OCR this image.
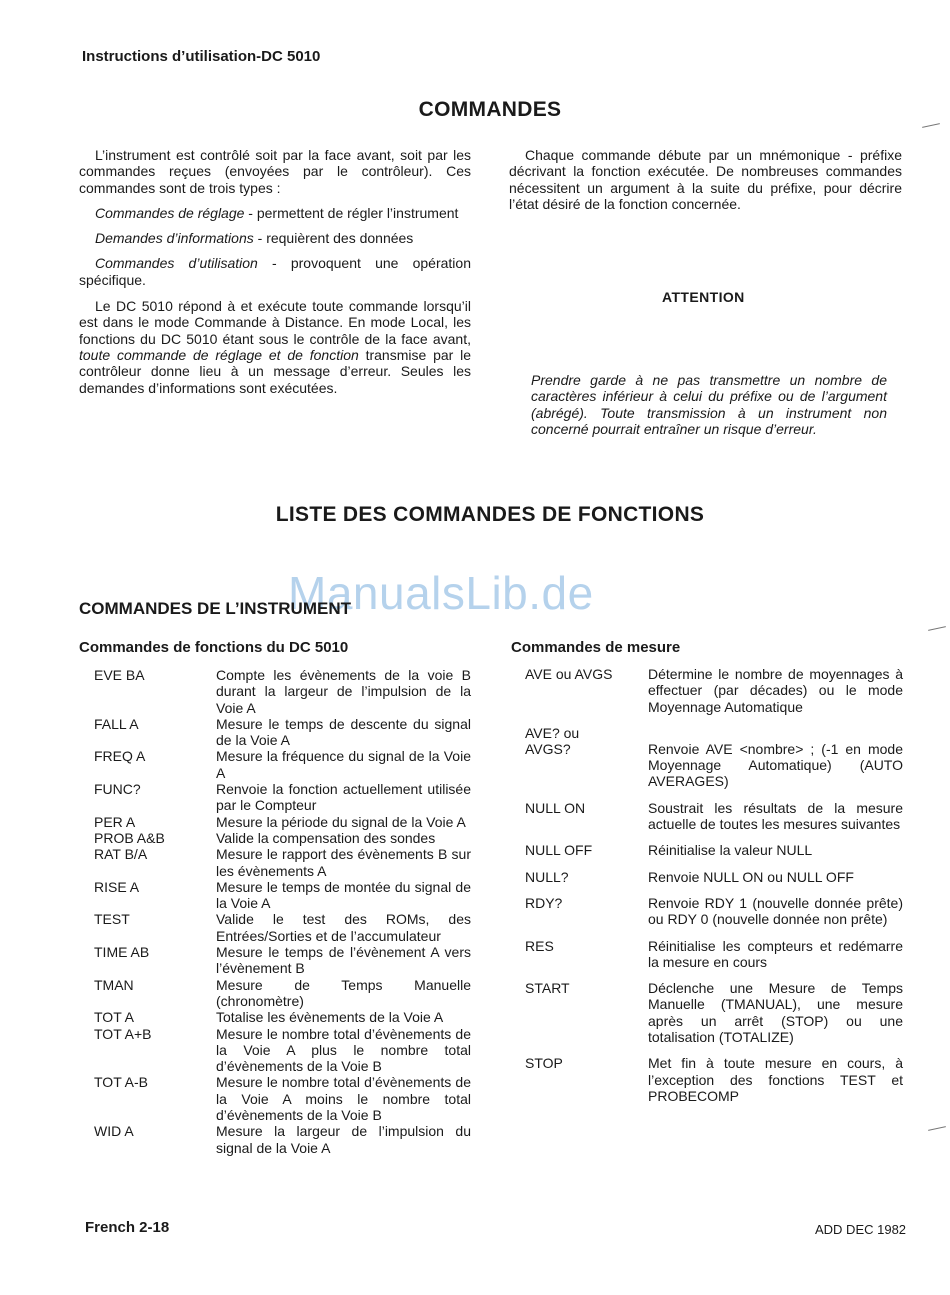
Instructions d’utilisation-DC 5010
COMMANDES

L’instrument est contrôlé soit par la face avant, soit par les commandes reçues (envoyées par le contrôleur). Ces commandes sont de trois types :

Commandes de réglage - permettent de régler l’instrument

Demandes d’informations - requièrent des données

Commandes d’utilisation - provoquent une opération spécifique.

Le DC 5010 répond à et exécute toute commande lorsqu’il est dans le mode Commande à Distance. En mode Local, les fonctions du DC 5010 étant sous le contrôle de la face avant, toute commande de réglage et de fonction transmise par le contrôleur donne lieu à un message d’erreur. Seules les demandes d’informations sont exécutées.

Chaque commande débute par un mnémonique - préfixe décrivant la fonction exécutée. De nombreuses commandes nécessitent un argument à la suite du préfixe, pour décrire l’état désiré de la fonction concernée.

ATTENTION
Prendre garde à ne pas transmettre un nombre de caractères inférieur à celui du préfixe ou de l’argument (abrégé). Toute transmission à un instrument non concerné pourrait entraîner un risque d’erreur.
LISTE DES COMMANDES DE FONCTIONS
ManualsLib.de
COMMANDES DE L’INSTRUMENT
Commandes de fonctions du DC 5010
EVE BA	Compte les évènements de la voie B durant la largeur de l’impulsion de la Voie A
FALL A	Mesure le temps de descente du signal de la Voie A
FREQ A	Mesure la fréquence du signal de la Voie A
FUNC?	Renvoie la fonction actuellement utilisée par le Compteur
PER A	Mesure la période du signal de la Voie A
PROB A&B	Valide la compensation des sondes
RAT B/A	Mesure le rapport des évènements B sur les évènements A
RISE A	Mesure le temps de montée du signal de la Voie A
TEST	Valide le test des ROMs, des Entrées/Sorties et de l’accumulateur
TIME AB	Mesure le temps de l’évènement A vers l’évènement B
TMAN	Mesure de Temps Manuelle (chronomètre)
TOT A	Totalise les évènements de la Voie A
TOT A+B	Mesure le nombre total d’évènements de la Voie A plus le nombre total d’évènements de la Voie B
TOT A-B	Mesure le nombre total d’évènements de la Voie A moins le nombre total d’évènements de la Voie B
WID A	Mesure la largeur de l’impulsion du signal de la Voie A
Commandes de mesure
AVE ou AVGS	Détermine le nombre de moyennages à effectuer (par décades) ou le mode Moyennage Automatique
AVE? ou AVGS?	Renvoie AVE <nombre> ; (-1 en mode Moyennage Automatique) (AUTO AVERAGES)
NULL ON	Soustrait les résultats de la mesure actuelle de toutes les mesures suivantes
NULL OFF	Réinitialise la valeur NULL
NULL?	Renvoie NULL ON ou NULL OFF
RDY?	Renvoie RDY 1 (nouvelle donnée prête) ou RDY 0 (nouvelle donnée non prête)
RES	Réinitialise les compteurs et redémarre la mesure en cours
START	Déclenche une Mesure de Temps Manuelle (TMANUAL), une mesure après un arrêt (STOP) ou une totalisation (TOTALIZE)
STOP	Met fin à toute mesure en cours, à l’exception des fonctions TEST et PROBECOMP
French 2-18	ADD DEC 1982
